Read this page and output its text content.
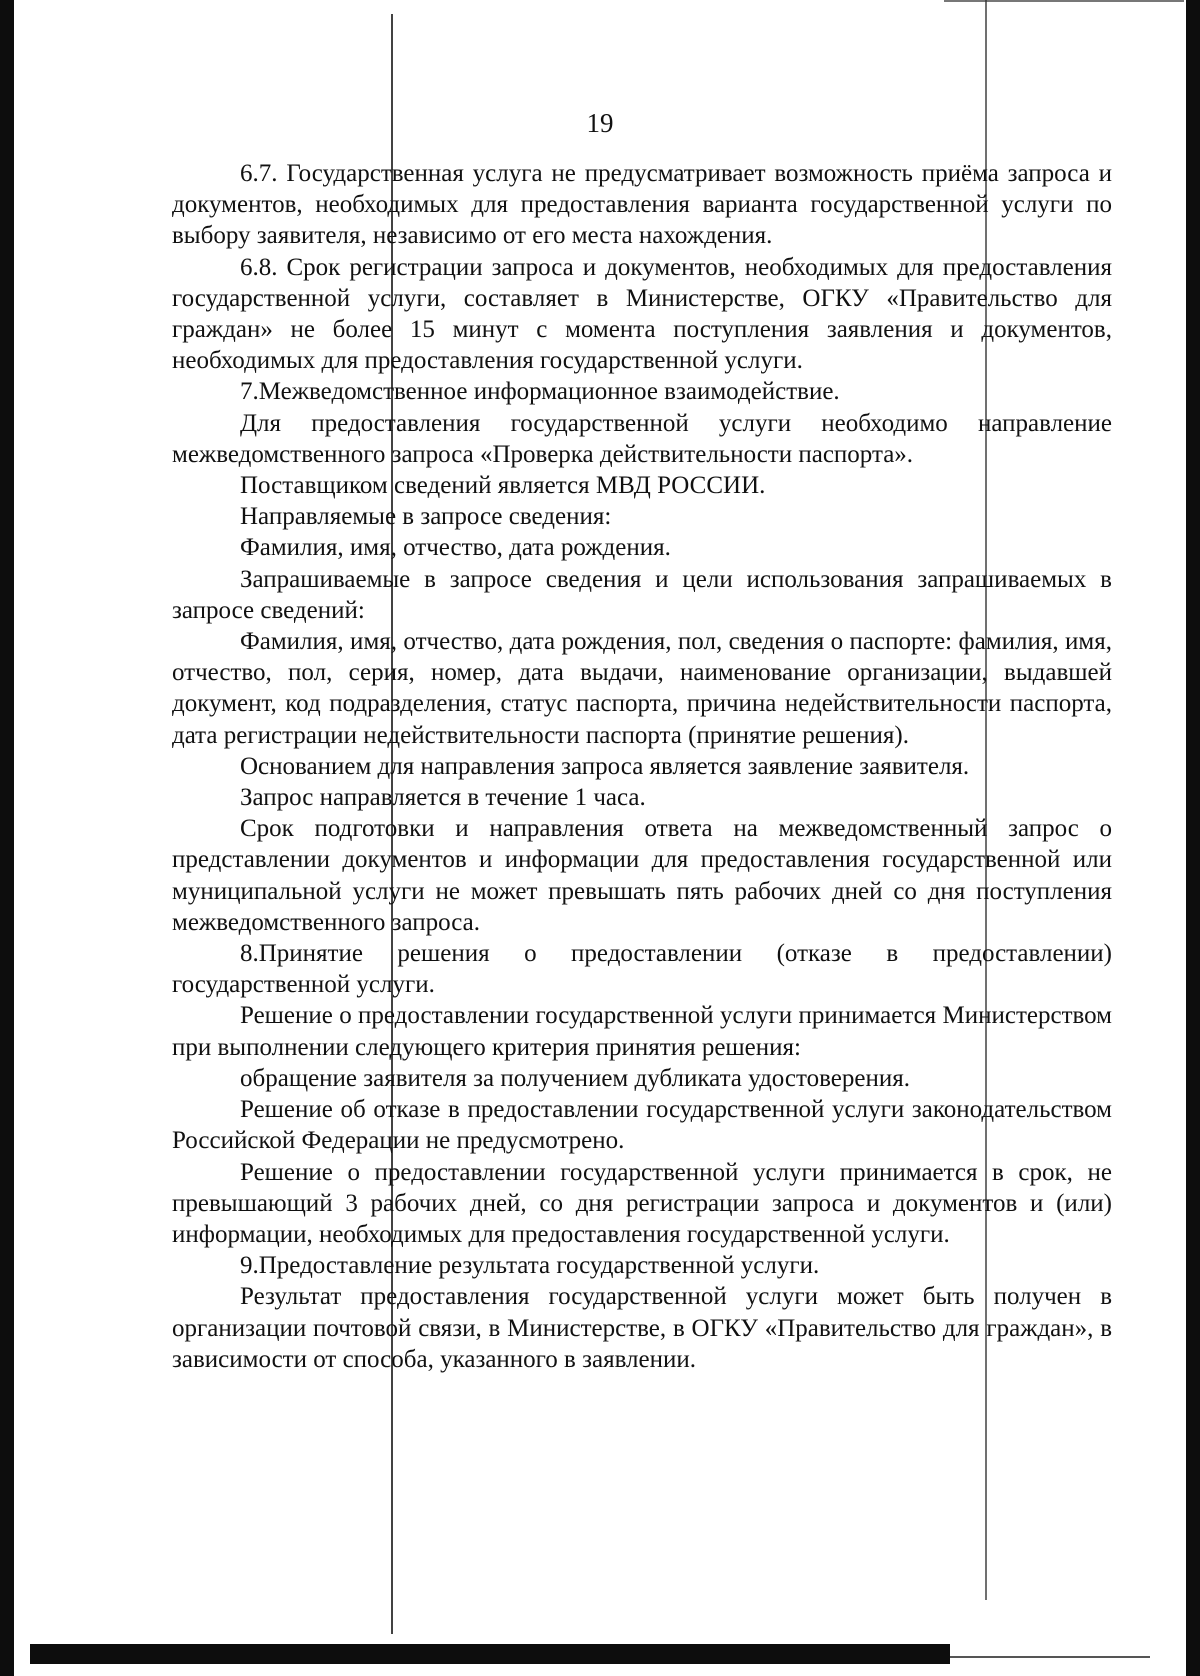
19

6.7. Государственная услуга не предусматривает возможность приёма запроса и документов, необходимых для предоставления варианта государственной услуги по выбору заявителя, независимо от его места нахождения.

6.8. Срок регистрации запроса и документов, необходимых для предоставления государственной услуги, составляет в Министерстве, ОГКУ «Правительство для граждан» не более 15 минут с момента поступления заявления и документов, необходимых для предоставления государственной услуги.

7.Межведомственное информационное взаимодействие.

Для предоставления государственной услуги необходимо направление межведомственного запроса «Проверка действительности паспорта».

Поставщиком сведений является МВД РОССИИ.

Направляемые в запросе сведения:

Фамилия, имя, отчество, дата рождения.

Запрашиваемые в запросе сведения и цели использования запрашиваемых в запросе сведений:

Фамилия, имя, отчество, дата рождения, пол, сведения о паспорте: фамилия, имя, отчество, пол, серия, номер, дата выдачи, наименование организации, выдавшей документ, код подразделения, статус паспорта, причина недействительности паспорта, дата регистрации недействительности паспорта (принятие решения).

Основанием для направления запроса является заявление заявителя.

Запрос направляется в течение 1 часа.

Срок подготовки и направления ответа на межведомственный запрос о представлении документов и информации для предоставления государственной или муниципальной услуги не может превышать пять рабочих дней со дня поступления межведомственного запроса.

8.Принятие решения о предоставлении (отказе в предоставлении) государственной услуги.

Решение о предоставлении государственной услуги принимается Министерством при выполнении следующего критерия принятия решения:

обращение заявителя за получением дубликата удостоверения.

Решение об отказе в предоставлении государственной услуги законодательством Российской Федерации не предусмотрено.

Решение о предоставлении государственной услуги принимается в срок, не превышающий 3 рабочих дней, со дня регистрации запроса и документов и (или) информации, необходимых для предоставления государственной услуги.

9.Предоставление результата государственной услуги.

Результат предоставления государственной услуги может быть получен в организации почтовой связи, в Министерстве, в ОГКУ «Правительство для граждан», в зависимости от способа, указанного в заявлении.
